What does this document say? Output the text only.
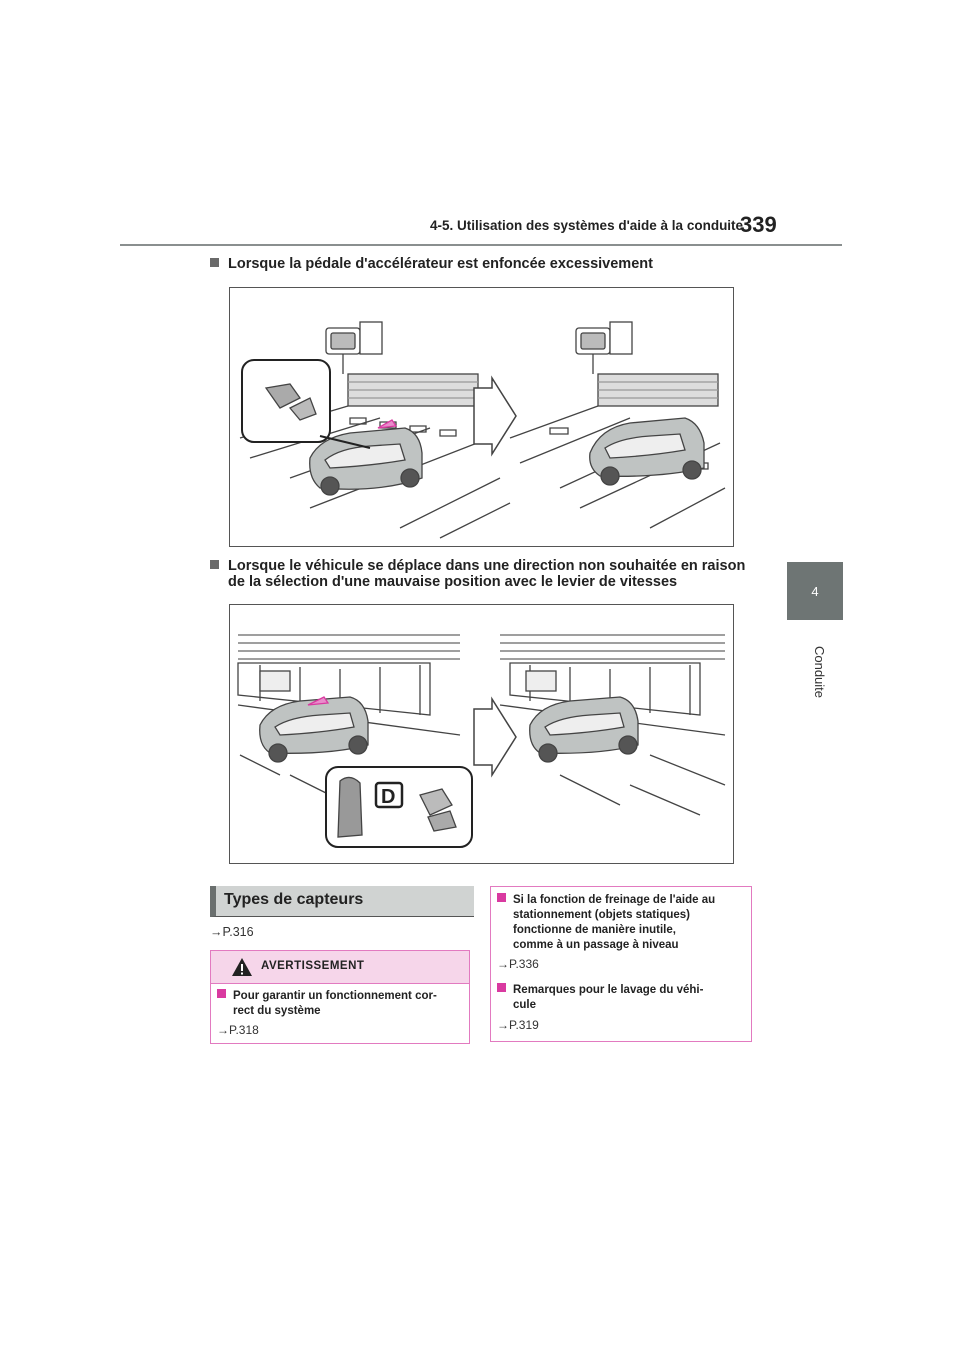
4-5. Utilisation des systèmes d'aide à la conduite
339
4
Conduite
Lorsque la pédale d'accélérateur est enfoncée excessivement
Lorsque le véhicule se déplace dans une direction non souhaitée en raison
de la sélection d'une mauvaise position avec le levier de vitesses
D
Types de capteurs
→P.316
AVERTISSEMENT
Pour garantir un fonctionnement cor-
rect du système
→P.318
Si la fonction de freinage de l'aide au
stationnement (objets statiques)
fonctionne de manière inutile,
comme à un passage à niveau
→P.336
Remarques pour le lavage du véhi-
cule
→P.319
